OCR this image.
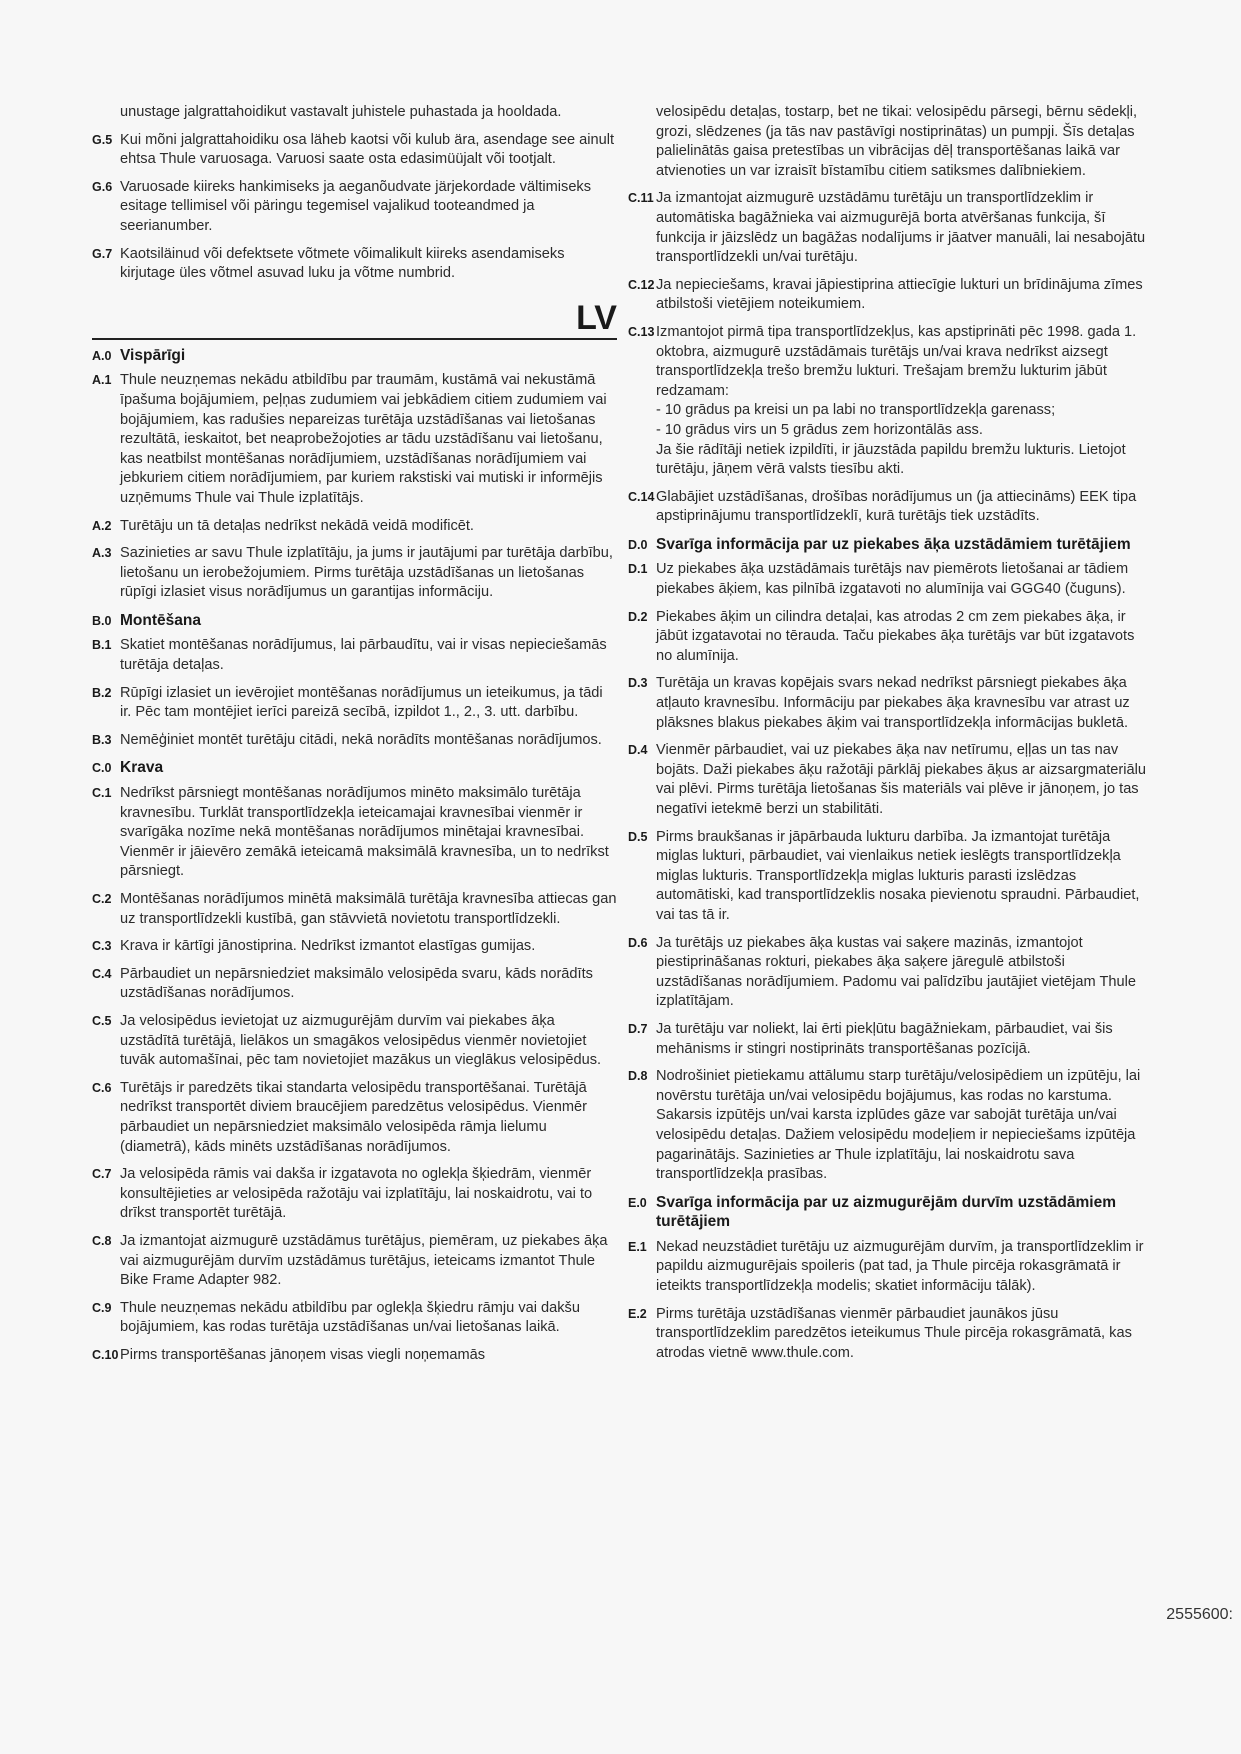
unustage jalgrattahoidikut vastavalt juhistele puhastada ja hooldada.
G.5 Kui mõni jalgrattahoidiku osa läheb kaotsi või kulub ära, asendage see ainult ehtsa Thule varuosaga. Varuosi saate osta edasimüüjalt või tootjalt.
G.6 Varuosade kiireks hankimiseks ja aeganõudvate järjekordade vältimiseks esitage tellimisel või päringu tegemisel vajalikud tooteandmed ja seerianumber.
G.7 Kaotsiläinud või defektsete võtmete võimalikult kiireks asendamiseks kirjutage üles võtmel asuvad luku ja võtme numbrid.
LV
A.0 Vispārīgi
A.1 Thule neuzņemas nekādu atbildību par traumām, kustāmā vai nekustāmā īpašuma bojājumiem, peļņas zudumiem vai jebkādiem citiem zudumiem vai bojājumiem, kas radušies nepareizas turētāja uzstādīšanas vai lietošanas rezultātā, ieskaitot, bet neaprobežojoties ar tādu uzstādīšanu vai lietošanu, kas neatbilst montēšanas norādījumiem, uzstādīšanas norādījumiem vai jebkuriem citiem norādījumiem, par kuriem rakstiski vai mutiski ir informējis uzņēmums Thule vai Thule izplatītājs.
A.2 Turētāju un tā detaļas nedrīkst nekādā veidā modificēt.
A.3 Sazinieties ar savu Thule izplatītāju, ja jums ir jautājumi par turētāja darbību, lietošanu un ierobežojumiem. Pirms turētāja uzstādīšanas un lietošanas rūpīgi izlasiet visus norādījumus un garantijas informāciju.
B.0 Montēšana
B.1 Skatiet montēšanas norādījumus, lai pārbaudītu, vai ir visas nepieciešamās turētāja detaļas.
B.2 Rūpīgi izlasiet un ievērojiet montēšanas norādījumus un ieteikumus, ja tādi ir. Pēc tam montējiet ierīci pareizā secībā, izpildot 1., 2., 3. utt. darbību.
B.3 Nemēģiniet montēt turētāju citādi, nekā norādīts montēšanas norādījumos.
C.0 Krava
C.1 Nedrīkst pārsniegt montēšanas norādījumos minēto maksimālo turētāja kravnesību. Turklāt transportlīdzekļa ieteicamajai kravnesībai vienmēr ir svarīgāka nozīme nekā montēšanas norādījumos minētajai kravnesībai. Vienmēr ir jāievēro zemākā ieteicamā maksimālā kravnesība, un to nedrīkst pārsniegt.
C.2 Montēšanas norādījumos minētā maksimālā turētāja kravnesība attiecas gan uz transportlīdzekli kustībā, gan stāvvietā novietotu transportlīdzekli.
C.3 Krava ir kārtīgi jānostiprina. Nedrīkst izmantot elastīgas gumijas.
C.4 Pārbaudiet un nepārsniedziet maksimālo velosipēda svaru, kāds norādīts uzstādīšanas norādījumos.
C.5 Ja velosipēdus ievietojat uz aizmugurējām durvīm vai piekabes āķa uzstādītā turētājā, lielākos un smagākos velosipēdus vienmēr novietojiet tuvāk automašīnai, pēc tam novietojiet mazākus un vieglākus velosipēdus.
C.6 Turētājs ir paredzēts tikai standarta velosipēdu transportēšanai. Turētājā nedrīkst transportēt diviem braucējiem paredzētus velosipēdus. Vienmēr pārbaudiet un nepārsniedziet maksimālo velosipēda rāmja lielumu (diametrā), kāds minēts uzstādīšanas norādījumos.
C.7 Ja velosipēda rāmis vai dakša ir izgatavota no oglekļa šķiedrām, vienmēr konsultējieties ar velosipēda ražotāju vai izplatītāju, lai noskaidrotu, vai to drīkst transportēt turētājā.
C.8 Ja izmantojat aizmugurē uzstādāmus turētājus, piemēram, uz piekabes āķa vai aizmugurējām durvīm uzstādāmus turētājus, ieteicams izmantot Thule Bike Frame Adapter 982.
C.9 Thule neuzņemas nekādu atbildību par oglekļa šķiedru rāmju vai dakšu bojājumiem, kas rodas turētāja uzstādīšanas un/vai lietošanas laikā.
C.10 Pirms transportēšanas jānoņem visas viegli noņemamās
velosipēdu detaļas, tostarp, bet ne tikai: velosipēdu pārsegi, bērnu sēdekļi, grozi, slēdzenes (ja tās nav pastāvīgi nostiprinātas) un pumpji. Šīs detaļas palielinātās gaisa pretestības un vibrācijas dēļ transportēšanas laikā var atvienoties un var izraisīt bīstamību citiem satiksmes dalībniekiem.
C.11 Ja izmantojat aizmugurē uzstādāmu turētāju un transportlīdzeklim ir automātiska bagāžnieka vai aizmugurējā borta atvēršanas funkcija, šī funkcija ir jāizslēdz un bagāžas nodalījums ir jāatver manuāli, lai nesabojātu transportlīdzekli un/vai turētāju.
C.12 Ja nepieciešams, kravai jāpiestiprina attiecīgie lukturi un brīdinājuma zīmes atbilstoši vietējiem noteikumiem.
C.13 Izmantojot pirmā tipa transportlīdzekļus, kas apstiprināti pēc 1998. gada 1. oktobra, aizmugurē uzstādāmais turētājs un/vai krava nedrīkst aizsegt transportlīdzekļa trešo bremžu lukturi. Trešajam bremžu lukturim jābūt redzamam:
- 10 grādus pa kreisi un pa labi no transportlīdzekļa garenass;
- 10 grādus virs un 5 grādus zem horizontālās ass.
Ja šie rādītāji netiek izpildīti, ir jāuzstāda papildu bremžu lukturis. Lietojot turētāju, jāņem vērā valsts tiesību akti.
C.14 Glabājiet uzstādīšanas, drošības norādījumus un (ja attiecināms) EEK tipa apstiprinājumu transportlīdzeklī, kurā turētājs tiek uzstādīts.
D.0 Svarīga informācija par uz piekabes āķa uzstādāmiem turētājiem
D.1 Uz piekabes āķa uzstādāmais turētājs nav piemērots lietošanai ar tādiem piekabes āķiem, kas pilnībā izgatavoti no alumīnija vai GGG40 (čuguns).
D.2 Piekabes āķim un cilindra detaļai, kas atrodas 2 cm zem piekabes āķa, ir jābūt izgatavotai no tērauda. Taču piekabes āķa turētājs var būt izgatavots no alumīnija.
D.3 Turētāja un kravas kopējais svars nekad nedrīkst pārsniegt piekabes āķa atļauto kravnesību. Informāciju par piekabes āķa kravnesību var atrast uz plāksnes blakus piekabes āķim vai transportlīdzekļa informācijas bukletā.
D.4 Vienmēr pārbaudiet, vai uz piekabes āķa nav netīrumu, eļļas un tas nav bojāts. Daži piekabes āķu ražotāji pārklāj piekabes āķus ar aizsargmateriālu vai plēvi. Pirms turētāja lietošanas šis materiāls vai plēve ir jānoņem, jo tas negatīvi ietekmē berzi un stabilitāti.
D.5 Pirms braukšanas ir jāpārbauda lukturu darbība. Ja izmantojat turētāja miglas lukturi, pārbaudiet, vai vienlaikus netiek ieslēgts transportlīdzekļa miglas lukturis. Transportlīdzekļa miglas lukturis parasti izslēdzas automātiski, kad transportlīdzeklis nosaka pievienotu spraudni. Pārbaudiet, vai tas tā ir.
D.6 Ja turētājs uz piekabes āķa kustas vai saķere mazinās, izmantojot piestiprināšanas rokturi, piekabes āķa saķere jāregulē atbilstoši uzstādīšanas norādījumiem. Padomu vai palīdzību jautājiet vietējam Thule izplatītājam.
D.7 Ja turētāju var noliekt, lai ērti piekļūtu bagāžniekam, pārbaudiet, vai šis mehānisms ir stingri nostiprināts transportēšanas pozīcijā.
D.8 Nodrošiniet pietiekamu attālumu starp turētāju/velosipēdiem un izpūtēju, lai novērstu turētāja un/vai velosipēdu bojājumus, kas rodas no karstuma. Sakarsis izpūtējs un/vai karsta izplūdes gāze var sabojāt turētāja un/vai velosipēdu detaļas. Dažiem velosipēdu modeļiem ir nepieciešams izpūtēja pagarinātājs. Sazinieties ar Thule izplatītāju, lai noskaidrotu sava transportlīdzekļa prasības.
E.0 Svarīga informācija par uz aizmugurējām durvīm uzstādāmiem turētājiem
E.1 Nekad neuzstādiet turētāju uz aizmugurējām durvīm, ja transportlīdzeklim ir papildu aizmugurējais spoileris (pat tad, ja Thule pircēja rokasgrāmatā ir ieteikts transportlīdzekļa modelis; skatiet informāciju tālāk).
E.2 Pirms turētāja uzstādīšanas vienmēr pārbaudiet jaunākos jūsu transportlīdzeklim paredzētos ieteikumus Thule pircēja rokasgrāmatā, kas atrodas vietnē www.thule.com.
2555600:
